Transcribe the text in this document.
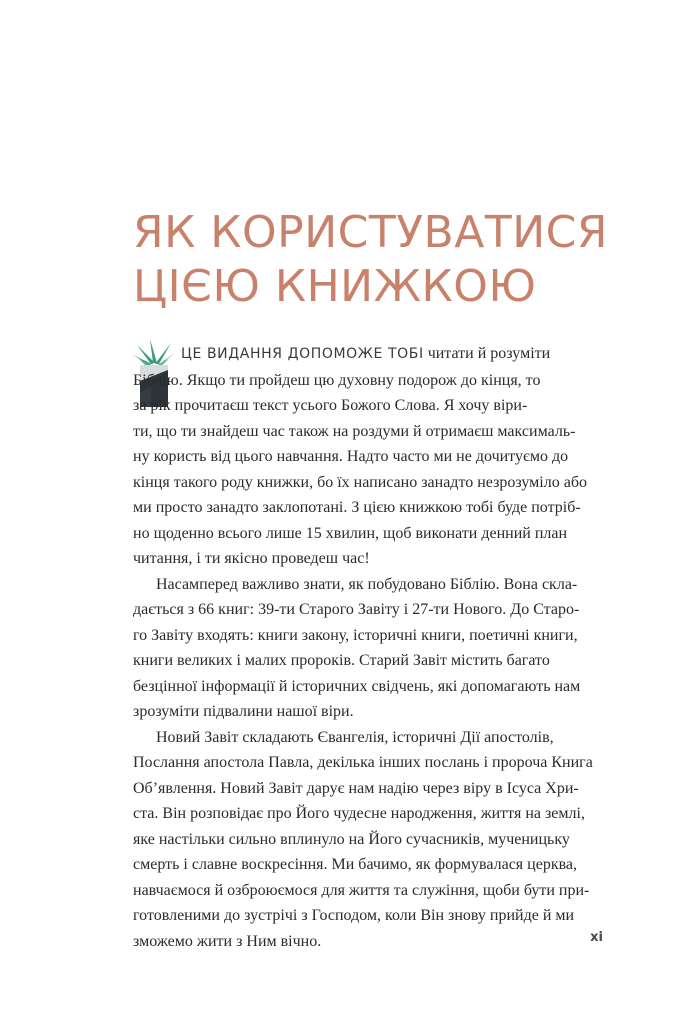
ЯК КОРИСТУВАТИСЯ
ЦІЄЮ КНИЖКОЮ

ЦЕ ВИДАННЯ ДОПОМОЖЕ ТОБІ читати й розуміти
Біблію. Якщо ти пройдеш цю духовну подорож до кінця, то
за рік прочитаєш текст усього Божого Слова. Я хочу віри-
ти, що ти знайдеш час також на роздуми й отримаєш максималь-
ну користь від цього навчання. Надто часто ми не дочитуємо до
кінця такого роду книжки, бо їх написано занадто незрозуміло або
ми просто занадто заклопотані. З цією книжкою тобі буде потріб-
но щоденно всього лише 15 хвилин, щоб виконати денний план
читання, і ти якісно проведеш час!

Насамперед важливо знати, як побудовано Біблію. Вона скла-
дається з 66 книг: 39-ти Старого Завіту і 27-ти Нового. До Старо-
го Завіту входять: книги закону, історичні книги, поетичні книги,
книги великих і малих пророків. Старий Завіт містить багато
безцінної інформації й історичних свідчень, які допомагають нам
зрозуміти підвалини нашої віри.

Новий Завіт складають Євангелія, історичні Дії апостолів,
Послання апостола Павла, декілька інших послань і пророча Книга
Об’явлення. Новий Завіт дарує нам надію через віру в Ісуса Хри-
ста. Він розповідає про Його чудесне народження, життя на землі,
яке настільки сильно вплинуло на Його сучасників, мученицьку
смерть і славне воскресіння. Ми бачимо, як формувалася церква,
навчаємося й озброюємося для життя та служіння, щоби бути при-
готовленими до зустрічі з Господом, коли Він знову прийде й ми
зможемо жити з Ним вічно.	xi
